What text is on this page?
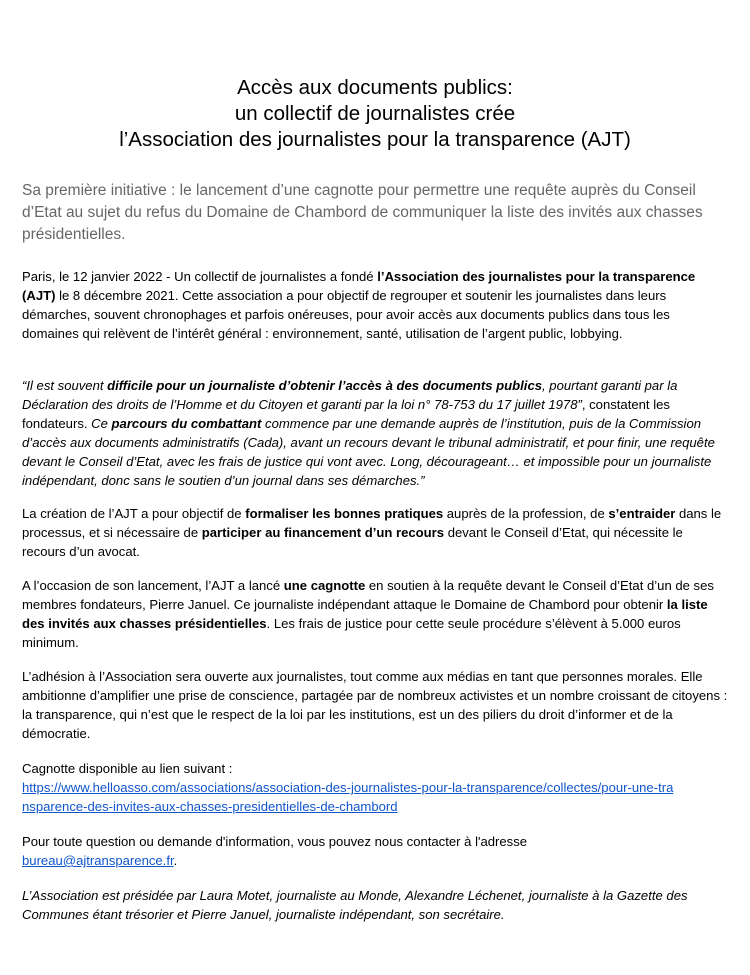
Accès aux documents publics:
un collectif de journalistes crée
l’Association des journalistes pour la transparence (AJT)
Sa première initiative : le lancement d’une cagnotte pour permettre une requête auprès du Conseil d’Etat au sujet du refus du Domaine de Chambord de communiquer la liste des invités aux chasses présidentielles.

Paris, le 12 janvier 2022 - Un collectif de journalistes a fondé l’Association des journalistes pour la transparence (AJT) le 8 décembre 2021. Cette association a pour objectif de regrouper et soutenir les journalistes dans leurs démarches, souvent chronophages et parfois onéreuses, pour avoir accès aux documents publics dans tous les domaines qui relèvent de l’intérêt général : environnement, santé, utilisation de l’argent public, lobbying.

“Il est souvent difficile pour un journaliste d’obtenir l’accès à des documents publics, pourtant garanti par la Déclaration des droits de l’Homme et du Citoyen et garanti par la loi n° 78-753 du 17 juillet 1978”, constatent les fondateurs. Ce parcours du combattant commence par une demande auprès de l’institution, puis de la Commission d’accès aux documents administratifs (Cada), avant un recours devant le tribunal administratif, et pour finir, une requête devant le Conseil d’Etat, avec les frais de justice qui vont avec. Long, décourageant… et impossible pour un journaliste indépendant, donc sans le soutien d’un journal dans ses démarches.”

La création de l’AJT a pour objectif de formaliser les bonnes pratiques auprès de la profession, de s’entraider dans le processus, et si nécessaire de participer au financement d’un recours devant le Conseil d’Etat, qui nécessite le recours d’un avocat.

A l’occasion de son lancement, l’AJT a lancé une cagnotte en soutien à la requête devant le Conseil d’Etat d’un de ses membres fondateurs, Pierre Januel. Ce journaliste indépendant attaque le Domaine de Chambord pour obtenir la liste des invités aux chasses présidentielles. Les frais de justice pour cette seule procédure s’élèvent à 5.000 euros minimum.

L’adhésion à l’Association sera ouverte aux journalistes, tout comme aux médias en tant que personnes morales. Elle ambitionne d’amplifier une prise de conscience, partagée par de nombreux activistes et un nombre croissant de citoyens : la transparence, qui n’est que le respect de la loi par les institutions, est un des piliers du droit d’informer et de la démocratie.

Cagnotte disponible au lien suivant :
https://www.helloasso.com/associations/association-des-journalistes-pour-la-transparence/collectes/pour-une-tra
nsparence-des-invites-aux-chasses-presidentielles-de-chambord
Pour toute question ou demande d'information, vous pouvez nous contacter à l'adresse
bureau@ajtransparence.fr.

L’Association est présidée par Laura Motet, journaliste au Monde, Alexandre Léchenet, journaliste à la Gazette des Communes étant trésorier et Pierre Januel, journaliste indépendant, son secrétaire.
